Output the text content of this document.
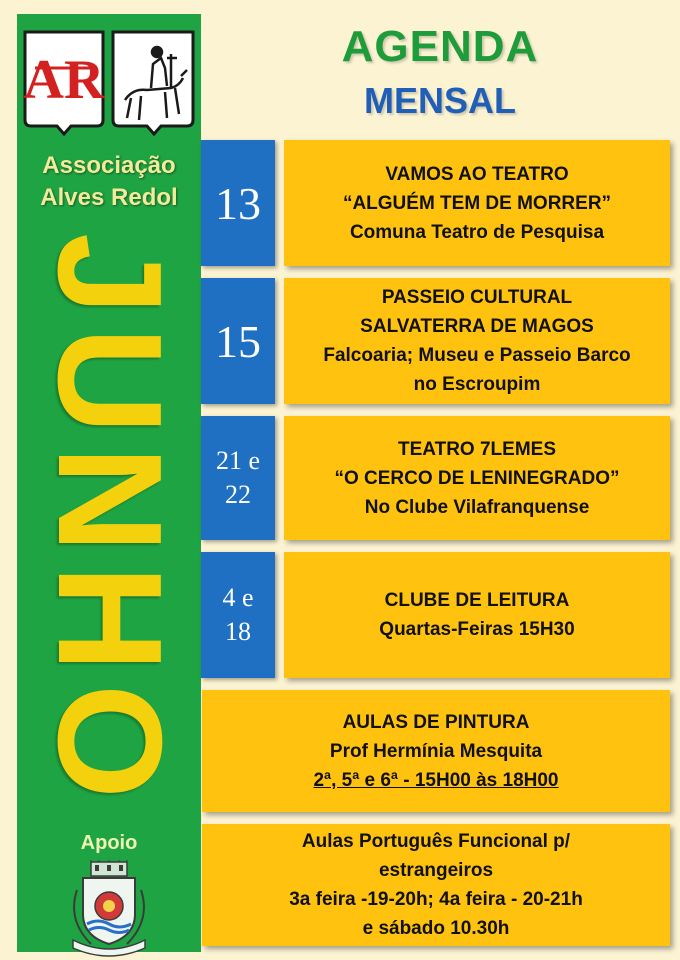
AR
Associação
Alves Redol
JUNHO
Apoio
AGENDA
MENSAL
13
VAMOS AO TEATRO
“ALGUÉM TEM DE MORRER”
Comuna Teatro de Pesquisa
15
PASSEIO CULTURAL
SALVATERRA DE MAGOS
Falcoaria; Museu e Passeio Barco
no Escroupim
21 e
22
TEATRO 7LEMES
“O CERCO DE LENINEGRADO”
No Clube Vilafranquense
4 e
18
CLUBE DE LEITURA
Quartas-Feiras 15H30
AULAS DE PINTURA
Prof Hermínia Mesquita
2ª, 5ª e 6ª - 15H00 às 18H00
Aulas Português Funcional p/
estrangeiros
3a feira -19-20h; 4a feira - 20-21h
e sábado 10.30h
